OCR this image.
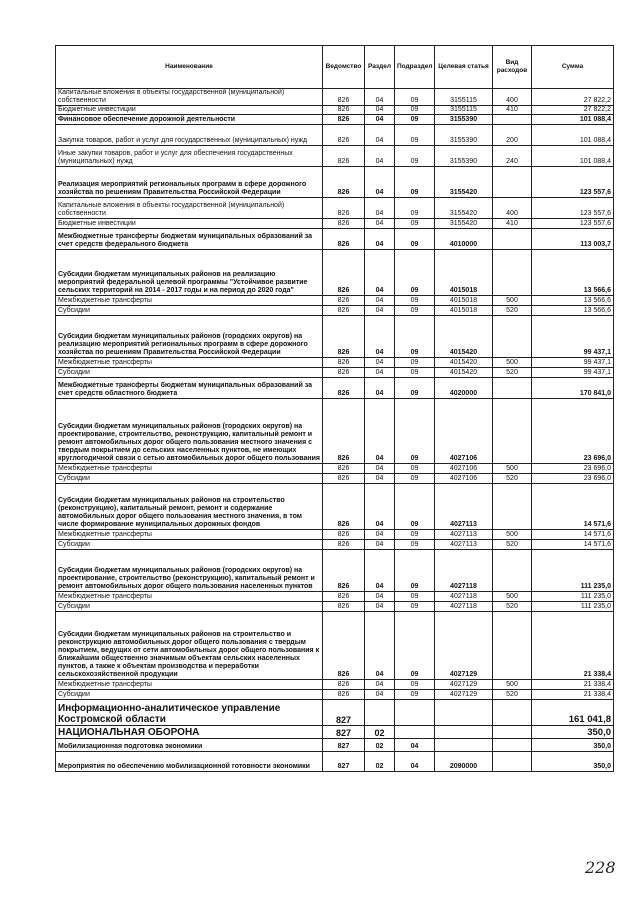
Наименование	Ведомство	Раздел	Подраздел	Целевая статья	Вид расходов	Сумма
Капитальные вложения в объекты государственной (муниципальной) собственности	826	04	09	3155115	400	27 822,2
Бюджетные инвестиции	826	04	09	3155115	410	27 822,2
Финансовое обеспечение дорожной деятельности	826	04	09	3155390		101 088,4
Закупка товаров, работ и услуг для государственных (муниципальных) нужд	826	04	09	3155390	200	101 088,4
Иные закупки товаров, работ и услуг для обеспечения государственных (муниципальных) нужд	826	04	09	3155390	240	101 088,4
Реализация мероприятий региональных программ в сфере дорожного хозяйства по решениям Правительства Российской Федерации	826	04	09	3155420		123 557,6
Капитальные вложения в объекты государственной (муниципальной) собственности	826	04	09	3155420	400	123 557,6
Бюджетные инвестиции	826	04	09	3155420	410	123 557,6
Межбюджетные трансферты бюджетам муниципальных образований за счет средств федерального бюджета	826	04	09	4010000		113 003,7
Субсидии бюджетам муниципальных районов на реализацию мероприятий федеральной целевой программы "Устойчивое развитие сельских территорий на 2014 - 2017 годы и на период до 2020 года"	826	04	09	4015018		13 566,6
Межбюджетные трансферты	826	04	09	4015018	500	13 566,6
Субсидии	826	04	09	4015018	520	13 566,6
Субсидии бюджетам муниципальных районов (городских округов) на реализацию мероприятий региональных программ в сфере дорожного хозяйства по решениям Правительства Российской Федерации	826	04	09	4015420		99 437,1
Межбюджетные трансферты	826	04	09	4015420	500	99 437,1
Субсидии	826	04	09	4015420	520	99 437,1
Межбюджетные трансферты бюджетам муниципальных образований за счет средств областного бюджета	826	04	09	4020000		170 841,0
Субсидии бюджетам муниципальных районов (городских округов) на проектирование, строительство, реконструкцию, капитальный ремонт и ремонт автомобильных дорог общего пользования местного значения с твердым покрытием до сельских населенных пунктов, не имеющих круглогодичной связи с сетью автомобильных дорог общего пользования	826	04	09	4027106		23 696,0
Межбюджетные трансферты	826	04	09	4027106	500	23 696,0
Субсидии	826	04	09	4027106	520	23 696,0
Субсидии бюджетам муниципальных районов на строительство (реконструкцию), капитальный ремонт, ремонт и содержание автомобильных дорог общего пользования местного значения, в том числе формирование муниципальных дорожных фондов	826	04	09	4027113		14 571,6
Межбюджетные трансферты	826	04	09	4027113	500	14 571,6
Субсидии	826	04	09	4027113	520	14 571,6
Субсидии бюджетам муниципальных районов (городских округов) на проектирование, строительство (реконструкцию), капитальный ремонт и ремонт автомобильных дорог общего пользования населенных пунктов	826	04	09	4027118		111 235,0
Межбюджетные трансферты	826	04	09	4027118	500	111 235,0
Субсидии	826	04	09	4027118	520	111 235,0
Субсидии бюджетам муниципальных районов на строительство и реконструкцию автомобильных дорог общего пользования с твердым покрытием, ведущих от сети автомобильных дорог общего пользования к ближайшим общественно значимым объектам сельских населенных пунктов, а также к объектам производства и переработки сельскохозяйственной продукции	826	04	09	4027129		21 338,4
Межбюджетные трансферты	826	04	09	4027129	500	21 338,4
Субсидии	826	04	09	4027129	520	21 338,4
Информационно-аналитическое управление Костромской области	827					161 041,8
НАЦИОНАЛЬНАЯ ОБОРОНА	827	02				350,0
Мобилизационная подготовка экономики	827	02	04			350,0
Мероприятия по обеспечению мобилизационной готовности экономики	827	02	04	2090000		350,0
228
